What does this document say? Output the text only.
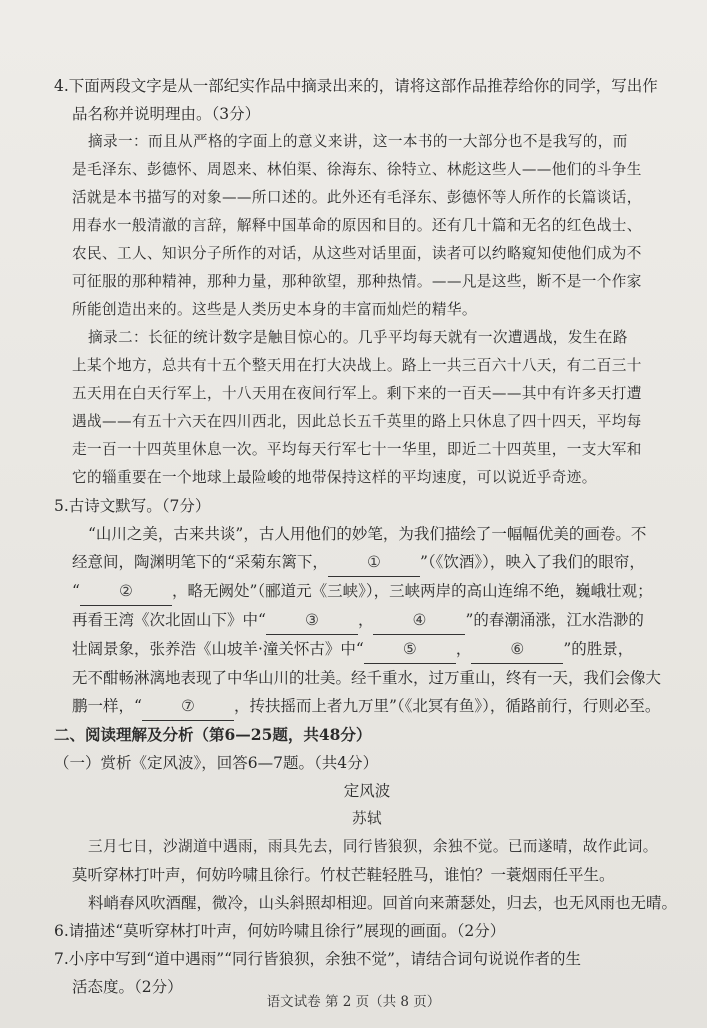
4.下面两段文字是从一部纪实作品中摘录出来的，请将这部作品推荐给你的同学，写出作
品名称并说明理由。（3分）
摘录一：而且从严格的字面上的意义来讲，这一本书的一大部分也不是我写的，而
是毛泽东、彭德怀、周恩来、林伯渠、徐海东、徐特立、林彪这些人——他们的斗争生
活就是本书描写的对象——所口述的。此外还有毛泽东、彭德怀等人所作的长篇谈话，
用春水一般清澈的言辞，解释中国革命的原因和目的。还有几十篇和无名的红色战士、
农民、工人、知识分子所作的对话，从这些对话里面，读者可以约略窥知使他们成为不
可征服的那种精神，那种力量，那种欲望，那种热情。——凡是这些，断不是一个作家
所能创造出来的。这些是人类历史本身的丰富而灿烂的精华。
摘录二：长征的统计数字是触目惊心的。几乎平均每天就有一次遭遇战，发生在路
上某个地方，总共有十五个整天用在打大决战上。路上一共三百六十八天，有二百三十
五天用在白天行军上，十八天用在夜间行军上。剩下来的一百天——其中有许多天打遭
遇战——有五十六天在四川西北，因此总长五千英里的路上只休息了四十四天，平均每
走一百一十四英里休息一次。平均每天行军七十一华里，即近二十四英里，一支大军和
它的辎重要在一个地球上最险峻的地带保持这样的平均速度，可以说近乎奇迹。
5.古诗文默写。（7分）
“山川之美，古来共谈”，古人用他们的妙笔，为我们描绘了一幅幅优美的画卷。不
经意间，陶渊明笔下的“采菊东篱下，	①	”（《饮酒》），映入了我们的眼帘，
“	②	，略无阙处”（郦道元《三峡》），三峡两岸的高山连绵不绝，巍峨壮观；
再看王湾《次北固山下》中“	③	，	④	”的春潮涌涨，江水浩渺的
壮阔景象，张养浩《山坡羊·潼关怀古》中“	⑤	，	⑥	”的胜景，
无不酣畅淋漓地表现了中华山川的壮美。经千重水，过万重山，终有一天，我们会像大
鹏一样，“	⑦	，抟扶摇而上者九万里”（《北冥有鱼》），循路前行，行则必至。
二、阅读理解及分析（第6—25题，共48分）
（一）赏析《定风波》，回答6—7题。（共4分）
定风波
苏轼
三月七日，沙湖道中遇雨，雨具先去，同行皆狼狈，余独不觉。已而遂晴，故作此词。
莫听穿林打叶声，何妨吟啸且徐行。竹杖芒鞋轻胜马，谁怕？一蓑烟雨任平生。
料峭春风吹酒醒，微冷，山头斜照却相迎。回首向来萧瑟处，归去，也无风雨也无晴。
6.请描述“莫听穿林打叶声，何妨吟啸且徐行”展现的画面。（2分）
7.小序中写到“道中遇雨”“同行皆狼狈，余独不觉”，请结合词句说说作者的生
活态度。（2分）
语文试卷 第 2 页（共 8 页）
